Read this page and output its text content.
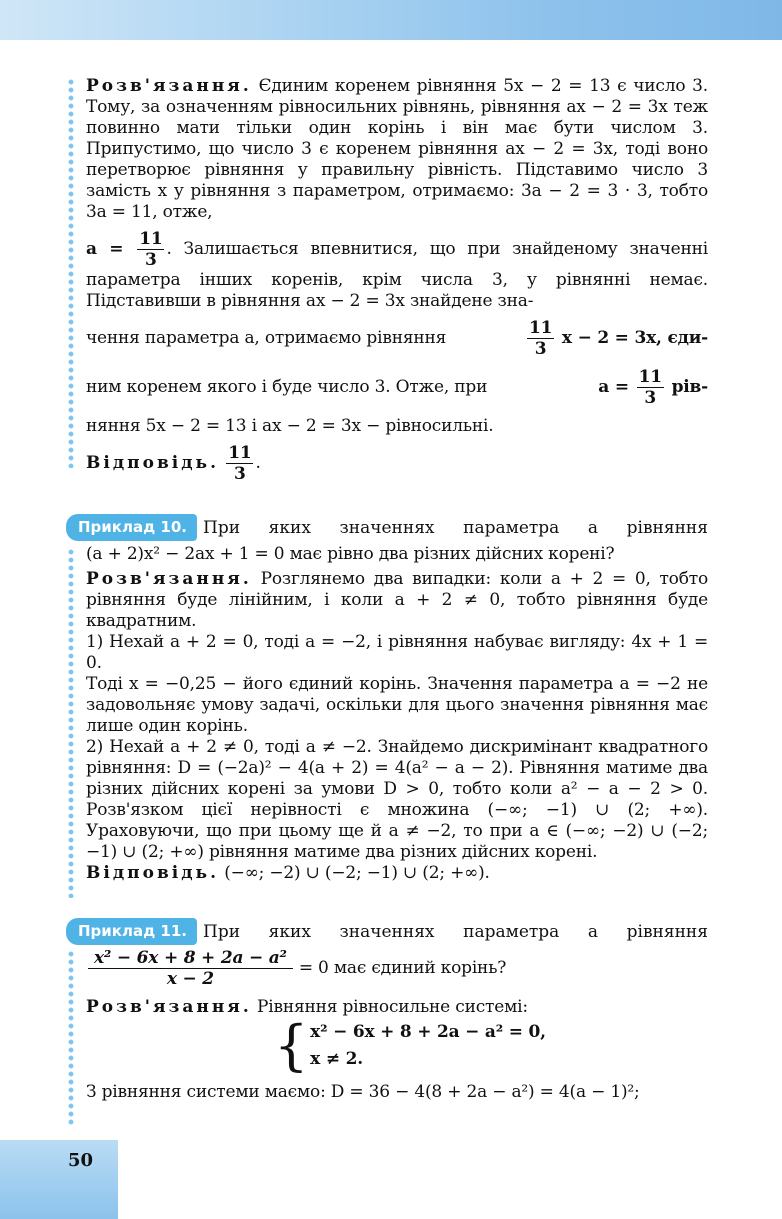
Розв'язання. Єдиним коренем рівняння 5x − 2 = 13 є число 3. Тому, за означенням рівносильних рівнянь, рівняння ax − 2 = 3x теж повинно мати тільки один корінь і він має бути числом 3. Припустимо, що число 3 є коренем рівняння ax − 2 = 3x, тоді воно перетворює рівняння у правильну рівність. Підставимо число 3 замість x у рівняння з параметром, отримаємо: 3a − 2 = 3 · 3, тобто 3a = 11, отже,

$a = \frac{11}{3}$ . Залишається впевнитися, що при знайденому значенні параметра інших коренів, крім числа 3, у рівнянні немає. Підставивши в рівняння ax − 2 = 3x знайдене зна-

чення параметра a, отримаємо рівняння	$\frac{11}{3}$ x − 2 = 3x, єди-
ним коренем якого і буде число 3. Отже, при	$a = \frac{11}{3} рів-$

няння 5x − 2 = 13 і ax − 2 = 3x − рівносильні.

Відповідь. $\frac{11}{3}$ .

Приклад 10. При яких значеннях параметра a рівняння

(a + 2)x² − 2ax + 1 = 0 має рівно два різних дійсних корені?

Розв'язання. Розглянемо два випадки: коли a + 2 = 0, тобто рівняння буде лінійним, і коли a + 2 ≠ 0, тобто рівняння буде квадратним.

1) Нехай a + 2 = 0, тоді a = −2, і рівняння набуває вигляду: 4x + 1 = 0.

Тоді x = −0,25 − його єдиний корінь. Значення параметра a = −2 не задовольняє умову задачі, оскільки для цього значення рівняння має лише один корінь.

2) Нехай a + 2 ≠ 0, тоді a ≠ −2. Знайдемо дискримінант квадратного рівняння: D = (−2a)² − 4(a + 2) = 4(a² − a − 2). Рівняння матиме два різних дійсних корені за умови D > 0, тобто коли a² − a − 2 > 0. Розв'язком цієї нерівності є множина (−∞; −1) ∪ (2; +∞). Ураховуючи, що при цьому ще й a ≠ −2, то при a ∈ (−∞; −2) ∪ (−2; −1) ∪ (2; +∞) рівняння матиме два різних дійсних корені.

Відповідь. (−∞; −2) ∪ (−2; −1) ∪ (2; +∞).

Приклад 11. При яких значеннях параметра a рівняння
$\frac{\text{x² − 6x + 8 + 2a − a²}}{x - 2} = 0$ має єдиний корінь?

Розв'язання. Рівняння рівносильне системі:

{ x² − 6x + 8 + 2a − a² = 0,
x ≠ 2.

З рівняння системи маємо: D = 36 − 4(8 + 2a − a²) = 4(a − 1)²;

50
